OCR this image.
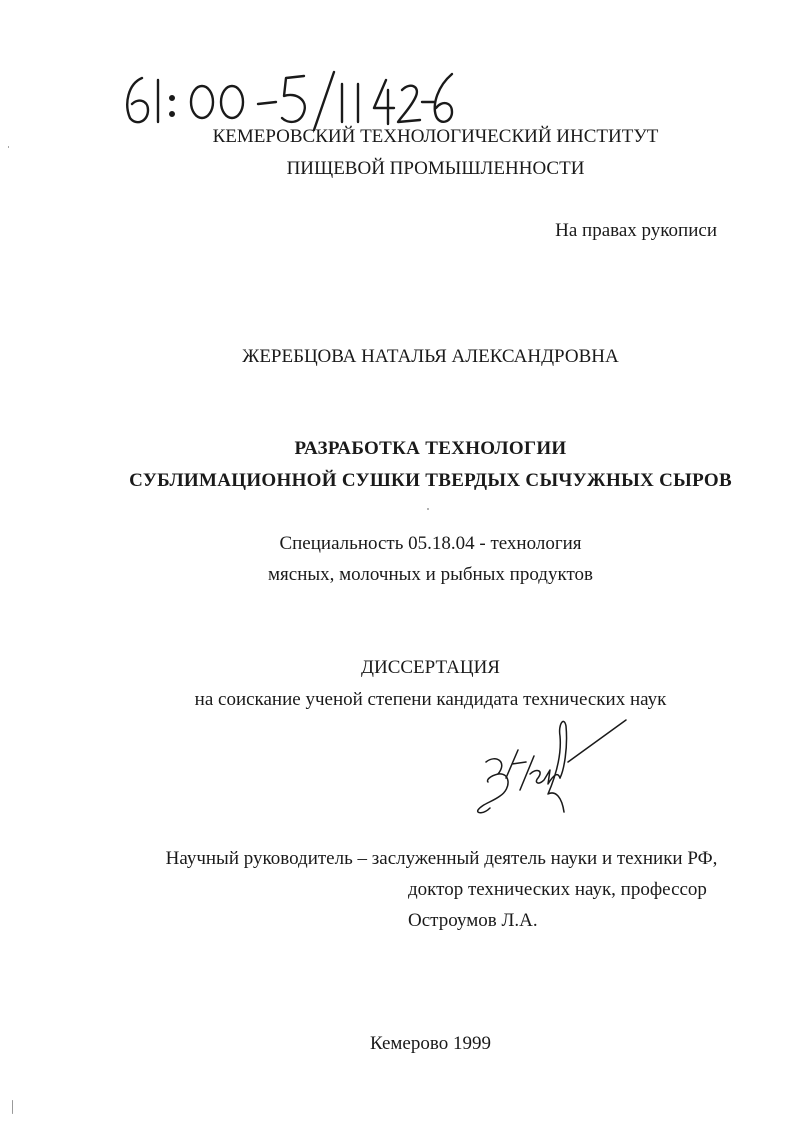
КЕМЕРОВСКИЙ ТЕХНОЛОГИЧЕСКИЙ ИНСТИТУТ
ПИЩЕВОЙ ПРОМЫШЛЕННОСТИ
На правах рукописи
ЖЕРЕБЦОВА НАТАЛЬЯ АЛЕКСАНДРОВНА
РАЗРАБОТКА ТЕХНОЛОГИИ
СУБЛИМАЦИОННОЙ СУШКИ ТВЕРДЫХ СЫЧУЖНЫХ СЫРОВ
Специальность 05.18.04 - технология
мясных, молочных и рыбных продуктов
ДИССЕРТАЦИЯ
на соискание ученой степени кандидата технических наук
Научный руководитель – заслуженный деятель науки и техники РФ,
доктор технических наук, профессор
Остроумов Л.А.
Кемерово 1999
